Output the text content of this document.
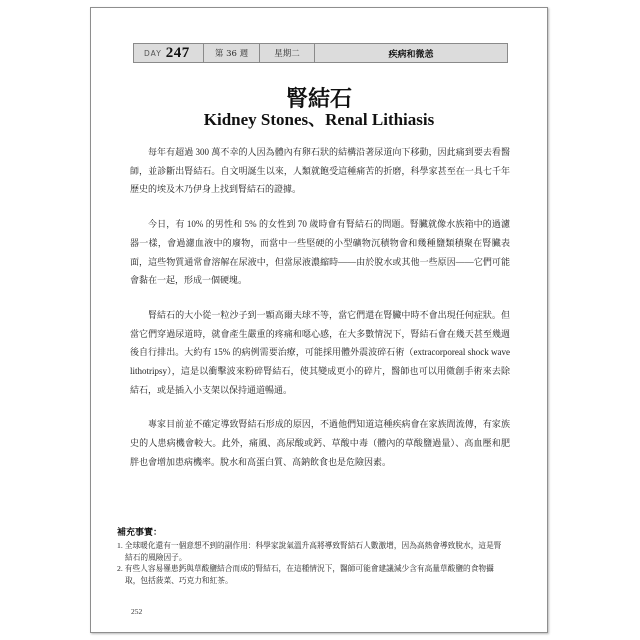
DAY 247	第 36 週	星期二	疾病和微恙
腎結石
Kidney Stones、Renal Lithiasis

每年有超過 300 萬不幸的人因為體內有卵石狀的結構沿著尿道向下移動，因此痛到要去看醫師，並診斷出腎結石。自文明誕生以來，人類就飽受這種痛苦的折磨，科學家甚至在一具七千年歷史的埃及木乃伊身上找到腎結石的證據。

今日，有 10% 的男性和 5% 的女性到 70 歲時會有腎結石的問題。腎臟就像水族箱中的過濾器一樣，會過濾血液中的廢物，而當中一些堅硬的小型礦物沉積物會和幾種鹽類積聚在腎臟表面，這些物質通常會溶解在尿液中，但當尿液濃縮時——由於脫水或其他一些原因——它們可能會黏在一起，形成一個硬塊。

腎結石的大小從一粒沙子到一顆高爾夫球不等，當它們還在腎臟中時不會出現任何症狀。但當它們穿過尿道時，就會產生嚴重的疼痛和噁心感，在大多數情況下，腎結石會在幾天甚至幾週後自行排出。大約有 15% 的病例需要治療，可能採用體外震波碎石術（extracorporeal shock wave lithotripsy），這是以衝擊波來粉碎腎結石，使其變成更小的碎片，醫師也可以用微創手術來去除結石，或是插入小支架以保持通道暢通。

專家目前並不確定導致腎結石形成的原因，不過他們知道這種疾病會在家族間流傳，有家族史的人患病機會較大。此外，痛風、高尿酸或鈣、草酸中毒（體內的草酸鹽過量）、高血壓和肥胖也會增加患病機率。脫水和高蛋白質、高鈉飲食也是危險因素。

補充事實：
1. 全球暖化還有一個意想不到的副作用：科學家說氣溫升高將導致腎結石人數激增，因為高熱會導致脫水，這是腎結石的風險因子。
2. 有些人容易罹患鈣與草酸鹽結合而成的腎結石，在這種情況下，醫師可能會建議減少含有高量草酸鹽的食物攝取，包括菠菜、巧克力和紅茶。
252
